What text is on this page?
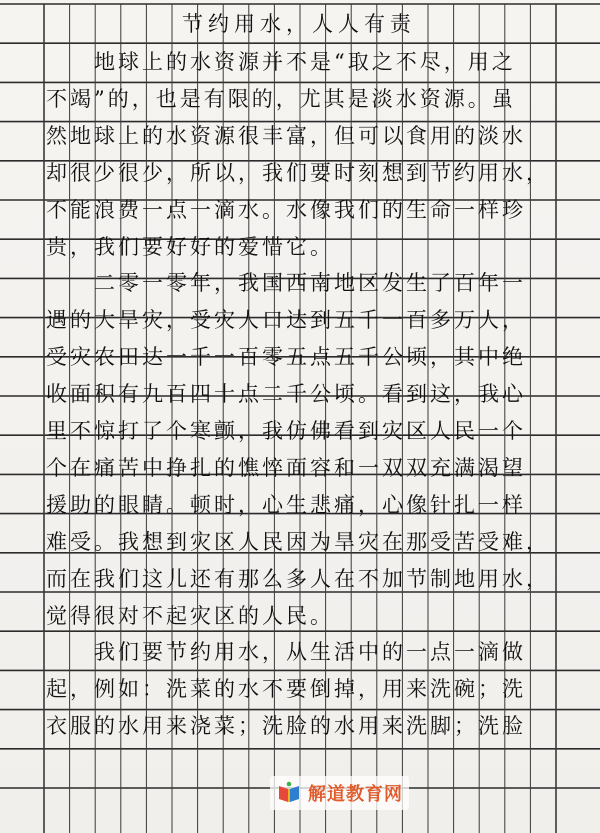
节约用水，人人有责
　　地球上的水资源并不是“取之不尽，用之
不竭”的，也是有限的，尤其是淡水资源。虽
然地球上的水资源很丰富，但可以食用的淡水
却很少很少，所以，我们要时刻想到节约用水，
不能浪费一点一滴水。水像我们的生命一样珍
贵，我们要好好的爱惜它。
　　二零一零年，我国西南地区发生了百年一
遇的大旱灾，受灾人口达到五千一百多万人，
受灾农田达一千一百零五点五千公顷，其中绝
收面积有九百四十点二千公顷。看到这，我心
里不惊打了个寒颤，我仿佛看到灾区人民一个
个在痛苦中挣扎的憔悴面容和一双双充满渴望
援助的眼睛。顿时，心生悲痛，心像针扎一样
难受。我想到灾区人民因为旱灾在那受苦受难，
而在我们这儿还有那么多人在不加节制地用水，
觉得很对不起灾区的人民。
　　我们要节约用水，从生活中的一点一滴做
起，例如：洗菜的水不要倒掉，用来洗碗；洗
衣服的水用来浇菜；洗脸的水用来洗脚；洗脸
解道教育网
